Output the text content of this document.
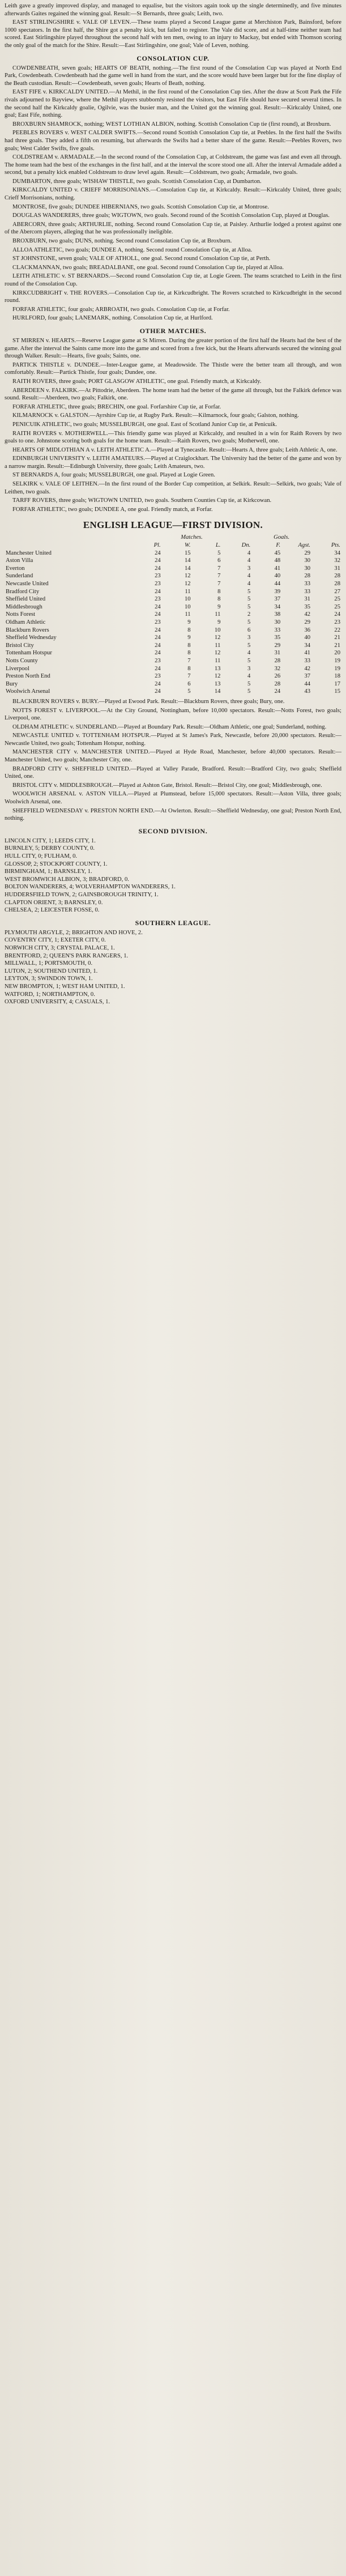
Leith gave a greatly improved display, and managed to equalise, but the visitors again took up the single determinedly, and five minutes afterwards Gaites regained the winning goal. Result:—St Bernards, three goals; Leith, two.

EAST STIRLINGSHIRE v. VALE OF LEVEN.—These teams played a Second League game at Merchiston Park, Bainsford, before 1000 spectators. In the first half, the Shire got a penalty kick, but failed to register. The Vale did score, and at half-time neither team had scored. East Stirlingshire played throughout the second half with ten men, owing to an injury to Mackay, but ended with Thomson scoring the only goal of the match for the Shire. Result:—East Stirlingshire, one goal; Vale of Leven, nothing.

CONSOLATION CUP.

COWDENBEATH, seven goals; HEARTS OF BEATH, nothing.—The first round of the Consolation Cup was played at North End Park, Cowdenbeath. Cowdenbeath had the game well in hand from the start, and the score would have been larger but for the fine display of the Beath custodian. Result:—Cowdenbeath, seven goals; Hearts of Beath, nothing.

EAST FIFE v. KIRKCALDY UNITED.—At Methil, in the first round of the Consolation Cup ties. After the draw at Scott Park the Fife rivals adjourned to Bayview, where the Methil players stubbornly resisted the visitors, but East Fife should have secured several times. In the second half the Kirkcaldy goalie, Ogilvie, was the busier man, and the United got the winning goal. Result:—Kirkcaldy United, one goal; East Fife, nothing.

BROXBURN SHAMROCK, nothing; WEST LOTHIAN ALBION, nothing. Scottish Consolation Cup tie (first round), at Broxburn.

PEEBLES ROVERS v. WEST CALDER SWIFTS.—Second round Scottish Consolation Cup tie, at Peebles. In the first half the Swifts had three goals. They added a fifth on resuming, but afterwards the Swifts had a better share of the game. Result:—Peebles Rovers, two goals; West Calder Swifts, five goals.

COLDSTREAM v. ARMADALE.—In the second round of the Consolation Cup, at Coldstream, the game was fast and even all through. The home team had the best of the exchanges in the first half, and at the interval the score stood one all. After the interval Armadale added a second, but a penalty kick enabled Coldstream to draw level again. Result:—Coldstream, two goals; Armadale, two goals.

DUMBARTON, three goals; WISHAW THISTLE, two goals. Scottish Consolation Cup, at Dumbarton.

KIRKCALDY UNITED v. CRIEFF MORRISONIANS.—Consolation Cup tie, at Kirkcaldy. Result:—Kirkcaldy United, three goals; Crieff Morrisonians, nothing.

MONTROSE, five goals; DUNDEE HIBERNIANS, two goals. Scottish Consolation Cup tie, at Montrose.

DOUGLAS WANDERERS, three goals; WIGTOWN, two goals. Second round of the Scottish Consolation Cup, played at Douglas.

ABERCORN, three goals; ARTHURLIE, nothing. Second round Consolation Cup tie, at Paisley. Arthurlie lodged a protest against one of the Abercorn players, alleging that he was professionally ineligible.

BROXBURN, two goals; DUNS, nothing. Second round Consolation Cup tie, at Broxburn.

ALLOA ATHLETIC, two goals; DUNDEE A, nothing. Second round Consolation Cup tie, at Alloa.

ST JOHNSTONE, seven goals; VALE OF ATHOLL, one goal. Second round Consolation Cup tie, at Perth.

CLACKMANNAN, two goals; BREADALBANE, one goal. Second round Consolation Cup tie, played at Alloa.

LEITH ATHLETIC v. ST BERNARDS.—Second round Consolation Cup tie, at Logie Green. The teams scratched to Leith in the first round of the Consolation Cup.

KIRKCUDBRIGHT v. THE ROVERS.—Consolation Cup tie, at Kirkcudbright. The Rovers scratched to Kirkcudbright in the second round.

FORFAR ATHLETIC, four goals; ARBROATH, two goals. Consolation Cup tie, at Forfar.

HURLFORD, four goals; LANEMARK, nothing. Consolation Cup tie, at Hurlford.

OTHER MATCHES.

ST MIRREN v. HEARTS.—Reserve League game at St Mirren. During the greater portion of the first half the Hearts had the best of the game. After the interval the Saints came more into the game and scored from a free kick, but the Hearts afterwards secured the winning goal through Walker. Result:—Hearts, five goals; Saints, one.

PARTICK THISTLE v. DUNDEE.—Inter-League game, at Meadowside. The Thistle were the better team all through, and won comfortably. Result:—Partick Thistle, four goals; Dundee, one.

RAITH ROVERS, three goals; PORT GLASGOW ATHLETIC, one goal. Friendly match, at Kirkcaldy.

ABERDEEN v. FALKIRK.—At Pittodrie, Aberdeen. The home team had the better of the game all through, but the Falkirk defence was sound. Result:—Aberdeen, two goals; Falkirk, one.

FORFAR ATHLETIC, three goals; BRECHIN, one goal. Forfarshire Cup tie, at Forfar.

KILMARNOCK v. GALSTON.—Ayrshire Cup tie, at Rugby Park. Result:—Kilmarnock, four goals; Galston, nothing.

PENICUIK ATHLETIC, two goals; MUSSELBURGH, one goal. East of Scotland Junior Cup tie, at Penicuik.

RAITH ROVERS v. MOTHERWELL.—This friendly game was played at Kirkcaldy, and resulted in a win for Raith Rovers by two goals to one. Johnstone scoring both goals for the home team. Result:—Raith Rovers, two goals; Motherwell, one.

HEARTS OF MIDLOTHIAN A v. LEITH ATHLETIC A.—Played at Tynecastle. Result:—Hearts A, three goals; Leith Athletic A, one.

EDINBURGH UNIVERSITY v. LEITH AMATEURS.—Played at Craiglockhart. The University had the better of the game and won by a narrow margin. Result:—Edinburgh University, three goals; Leith Amateurs, two.

ST BERNARDS A, four goals; MUSSELBURGH, one goal. Played at Logie Green.

SELKIRK v. VALE OF LEITHEN.—In the first round of the Border Cup competition, at Selkirk. Result:—Selkirk, two goals; Vale of Leithen, two goals.

TARFF ROVERS, three goals; WIGTOWN UNITED, two goals. Southern Counties Cup tie, at Kirkcowan.

FORFAR ATHLETIC, two goals; DUNDEE A, one goal. Friendly match, at Forfar.

ENGLISH LEAGUE—FIRST DIVISION.
	Matches.				Goals.		
	Pl.	W.	L.	Dn.	F.	Agst.	Pts.
Manchester United	24	15	5	4	45	29	34
Aston Villa	24	14	6	4	48	30	32
Everton	24	14	7	3	41	30	31
Sunderland	23	12	7	4	40	28	28
Newcastle United	23	12	7	4	44	33	28
Bradford City	24	11	8	5	39	33	27
Sheffield United	23	10	8	5	37	31	25
Middlesbrough	24	10	9	5	34	35	25
Notts Forest	24	11	11	2	38	42	24
Oldham Athletic	23	9	9	5	30	29	23
Blackburn Rovers	24	8	10	6	33	36	22
Sheffield Wednesday	24	9	12	3	35	40	21
Bristol City	24	8	11	5	29	34	21
Tottenham Hotspur	24	8	12	4	31	41	20
Notts County	23	7	11	5	28	33	19
Liverpool	24	8	13	3	32	42	19
Preston North End	23	7	12	4	26	37	18
Bury	24	6	13	5	28	44	17
Woolwich Arsenal	24	5	14	5	24	43	15

BLACKBURN ROVERS v. BURY.—Played at Ewood Park. Result:—Blackburn Rovers, three goals; Bury, one.

NOTTS FOREST v. LIVERPOOL.—At the City Ground, Nottingham, before 10,000 spectators. Result:—Notts Forest, two goals; Liverpool, one.

OLDHAM ATHLETIC v. SUNDERLAND.—Played at Boundary Park. Result:—Oldham Athletic, one goal; Sunderland, nothing.

NEWCASTLE UNITED v. TOTTENHAM HOTSPUR.—Played at St James's Park, Newcastle, before 20,000 spectators. Result:—Newcastle United, two goals; Tottenham Hotspur, nothing.

MANCHESTER CITY v. MANCHESTER UNITED.—Played at Hyde Road, Manchester, before 40,000 spectators. Result:—Manchester United, two goals; Manchester City, one.

BRADFORD CITY v. SHEFFIELD UNITED.—Played at Valley Parade, Bradford. Result:—Bradford City, two goals; Sheffield United, one.

BRISTOL CITY v. MIDDLESBROUGH.—Played at Ashton Gate, Bristol. Result:—Bristol City, one goal; Middlesbrough, one.

WOOLWICH ARSENAL v. ASTON VILLA.—Played at Plumstead, before 15,000 spectators. Result:—Aston Villa, three goals; Woolwich Arsenal, one.

SHEFFIELD WEDNESDAY v. PRESTON NORTH END.—At Owlerton. Result:—Sheffield Wednesday, one goal; Preston North End, nothing.

SECOND DIVISION.

LINCOLN CITY, 1; LEEDS CITY, 1.

BURNLEY, 5; DERBY COUNTY, 0.

HULL CITY, 0; FULHAM, 0.

GLOSSOP, 2; STOCKPORT COUNTY, 1.

BIRMINGHAM, 1; BARNSLEY, 1.

WEST BROMWICH ALBION, 3; BRADFORD, 0.

BOLTON WANDERERS, 4; WOLVERHAMPTON WANDERERS, 1.

HUDDERSFIELD TOWN, 2; GAINSBOROUGH TRINITY, 1.

CLAPTON ORIENT, 3; BARNSLEY, 0.

CHELSEA, 2; LEICESTER FOSSE, 0.

SOUTHERN LEAGUE.

PLYMOUTH ARGYLE, 2; BRIGHTON AND HOVE, 2.

COVENTRY CITY, 1; EXETER CITY, 0.

NORWICH CITY, 3; CRYSTAL PALACE, 1.

BRENTFORD, 2; QUEEN'S PARK RANGERS, 1.

MILLWALL, 1; PORTSMOUTH, 0.

LUTON, 2; SOUTHEND UNITED, 1.

LEYTON, 3; SWINDON TOWN, 1.

NEW BROMPTON, 1; WEST HAM UNITED, 1.

WATFORD, 1; NORTHAMPTON, 0.

OXFORD UNIVERSITY, 4; CASUALS, 1.
